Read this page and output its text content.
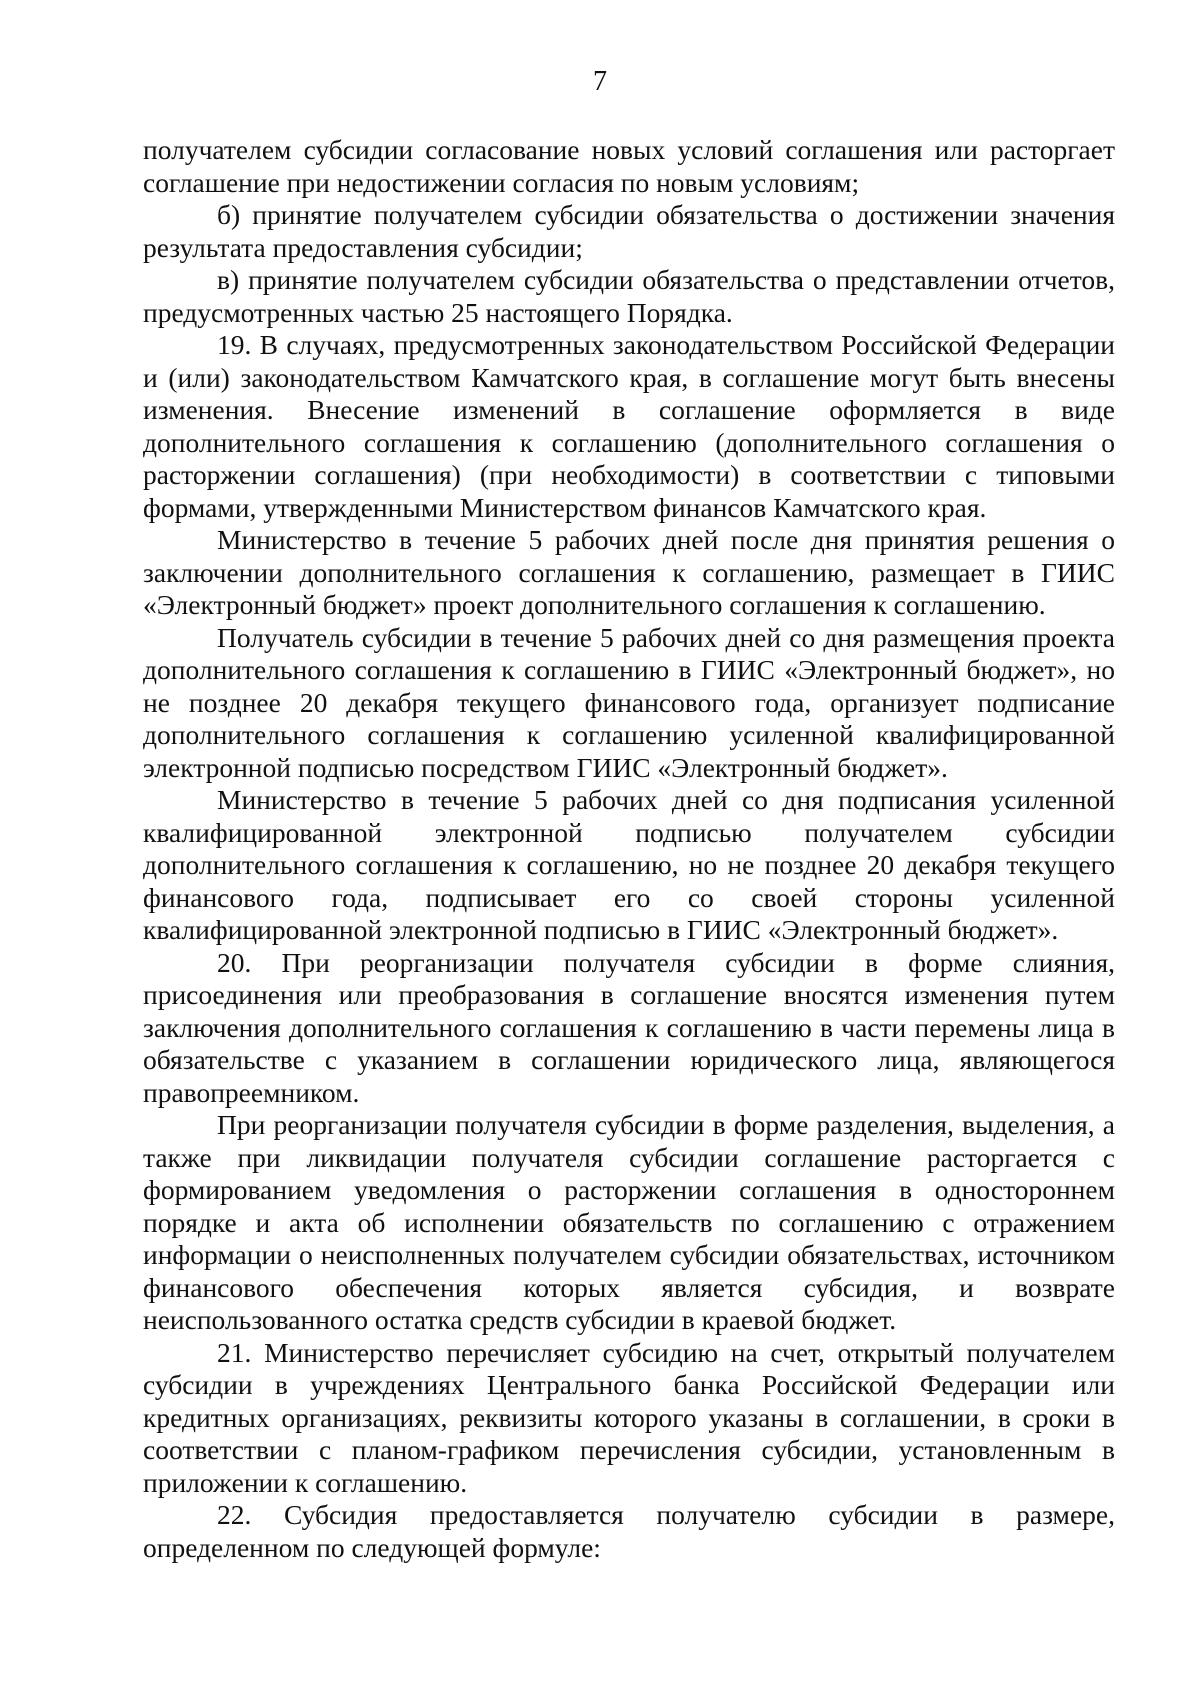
7

получателем субсидии согласование новых условий соглашения или расторгает соглашение при недостижении согласия по новым условиям;

б) принятие получателем субсидии обязательства о достижении значения результата предоставления субсидии;

в) принятие получателем субсидии обязательства о представлении отчетов, предусмотренных частью 25 настоящего Порядка.

19. В случаях, предусмотренных законодательством Российской Федерации и (или) законодательством Камчатского края, в соглашение могут быть внесены изменения. Внесение изменений в соглашение оформляется в виде дополнительного соглашения к соглашению (дополнительного соглашения о расторжении соглашения) (при необходимости) в соответствии с типовыми формами, утвержденными Министерством финансов Камчатского края.

Министерство в течение 5 рабочих дней после дня принятия решения о заключении дополнительного соглашения к соглашению, размещает в ГИИС «Электронный бюджет» проект дополнительного соглашения к соглашению.

Получатель субсидии в течение 5 рабочих дней со дня размещения проекта дополнительного соглашения к соглашению в ГИИС «Электронный бюджет», но не позднее 20 декабря текущего финансового года, организует подписание дополнительного соглашения к соглашению усиленной квалифицированной электронной подписью посредством ГИИС «Электронный бюджет».

Министерство в течение 5 рабочих дней со дня подписания усиленной квалифицированной электронной подписью получателем субсидии дополнительного соглашения к соглашению, но не позднее 20 декабря текущего финансового года, подписывает его со своей стороны усиленной квалифицированной электронной подписью в ГИИС «Электронный бюджет».

20. При реорганизации получателя субсидии в форме слияния, присоединения или преобразования в соглашение вносятся изменения путем заключения дополнительного соглашения к соглашению в части перемены лица в обязательстве с указанием в соглашении юридического лица, являющегося правопреемником.

При реорганизации получателя субсидии в форме разделения, выделения, а также при ликвидации получателя субсидии соглашение расторгается с формированием уведомления о расторжении соглашения в одностороннем порядке и акта об исполнении обязательств по соглашению с отражением информации о неисполненных получателем субсидии обязательствах, источником финансового обеспечения которых является субсидия, и возврате неиспользованного остатка средств субсидии в краевой бюджет.

21. Министерство перечисляет субсидию на счет, открытый получателем субсидии в учреждениях Центрального банка Российской Федерации или кредитных организациях, реквизиты которого указаны в соглашении, в сроки в соответствии с планом-графиком перечисления субсидии, установленным в приложении к соглашению.

22. Субсидия предоставляется получателю субсидии в размере, определенном по следующей формуле:
